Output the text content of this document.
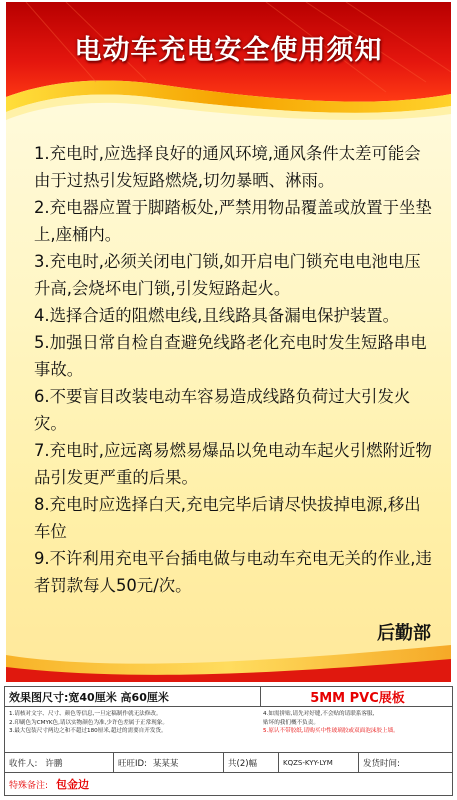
电动车充电安全使用须知

1.充电时,应选择良好的通风环境,通风条件太差可能会由于过热引发短路燃烧,切勿暴晒、淋雨。

2.充电器应置于脚踏板处,严禁用物品覆盖或放置于坐垫上,座桶内。

3.充电时,必须关闭电门锁,如开启电门锁充电电池电压升高,会烧坏电门锁,引发短路起火。

4.选择合适的阻燃电线,且线路具备漏电保护装置。

5.加强日常自检自查避免线路老化充电时发生短路串电事故。

6.不要盲目改装电动车容易造成线路负荷过大引发火灾。

7.充电时,应远离易燃易爆品以免电动车起火引燃附近物品引发更严重的后果。

8.充电时应选择白天,充电完毕后请尽快拔掉电源,移出车位

9.不许利用充电平台插电做与电动车充电无关的作业,违者罚款每人50元/次。

后勤部
效果图尺寸: 宽40厘米 高60厘米	5MM PVC展板
1.请核对文字、尺寸、颜色等信息,一旦定稿制作就无法修改。
2.印刷色为CMYK色,请以实物颜色为准,少许色差属于正常现象。
3.最大包装尺寸两边之和不超过180厘米,超过的需要自开发货。
4.如需拼贴,请先对好缝,不会贴的请联系客服,
贴坏的我们概不负责。
5.原认不带胶纸,请购买中性玻璃胶或双面泡沫胶上墙。
收件人: 许鹏	旺旺ID: 某某某	共(2)幅	KQZS-KYY-LYM	发货时间:
特殊备注: 包金边
